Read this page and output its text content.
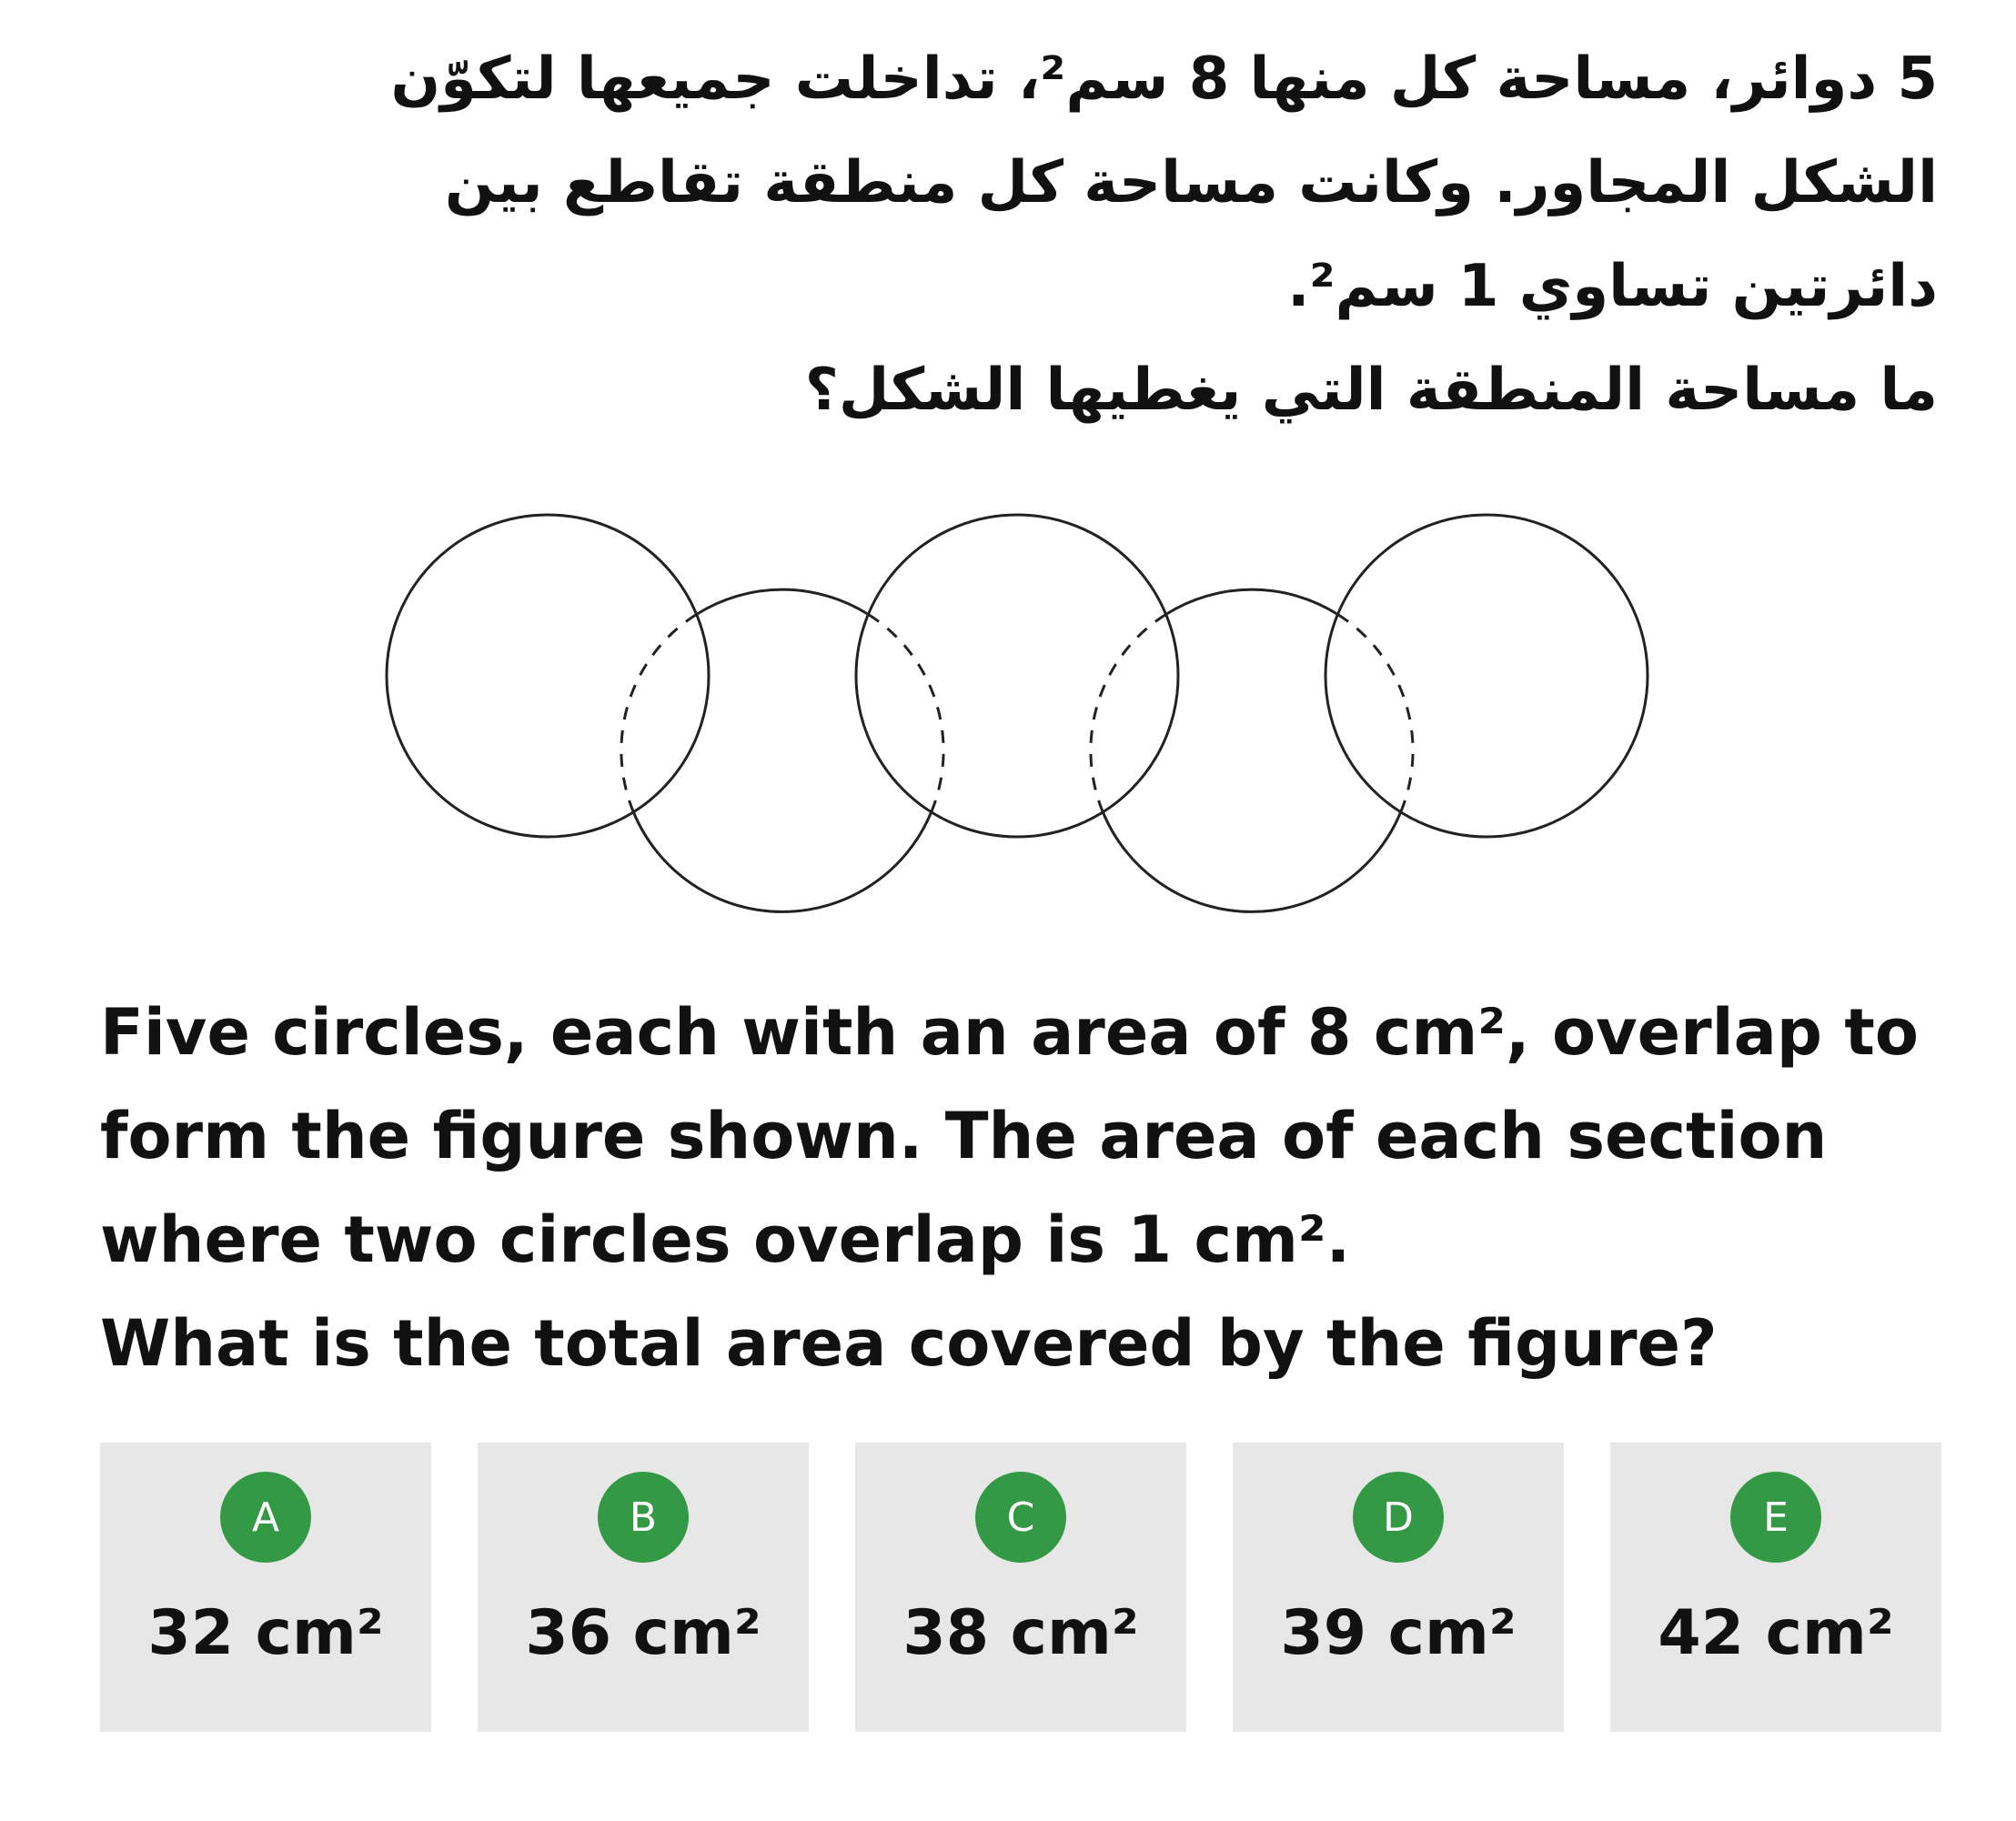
5 دوائر، مساحة كل منها 8 سم²، تداخلت جميعها لتكوّن

الشكل المجاور. وكانت مساحة كل منطقة تقاطع بين

دائرتين تساوي 1 سم².

ما مساحة المنطقة التي يغطيها الشكل؟

Five circles, each with an area of 8 cm², overlap to

form the figure shown. The area of each section

where two circles overlap is 1 cm².

What is the total area covered by the figure?

A
32 cm²
B
36 cm²
C
38 cm²
D
39 cm²
E
42 cm²
